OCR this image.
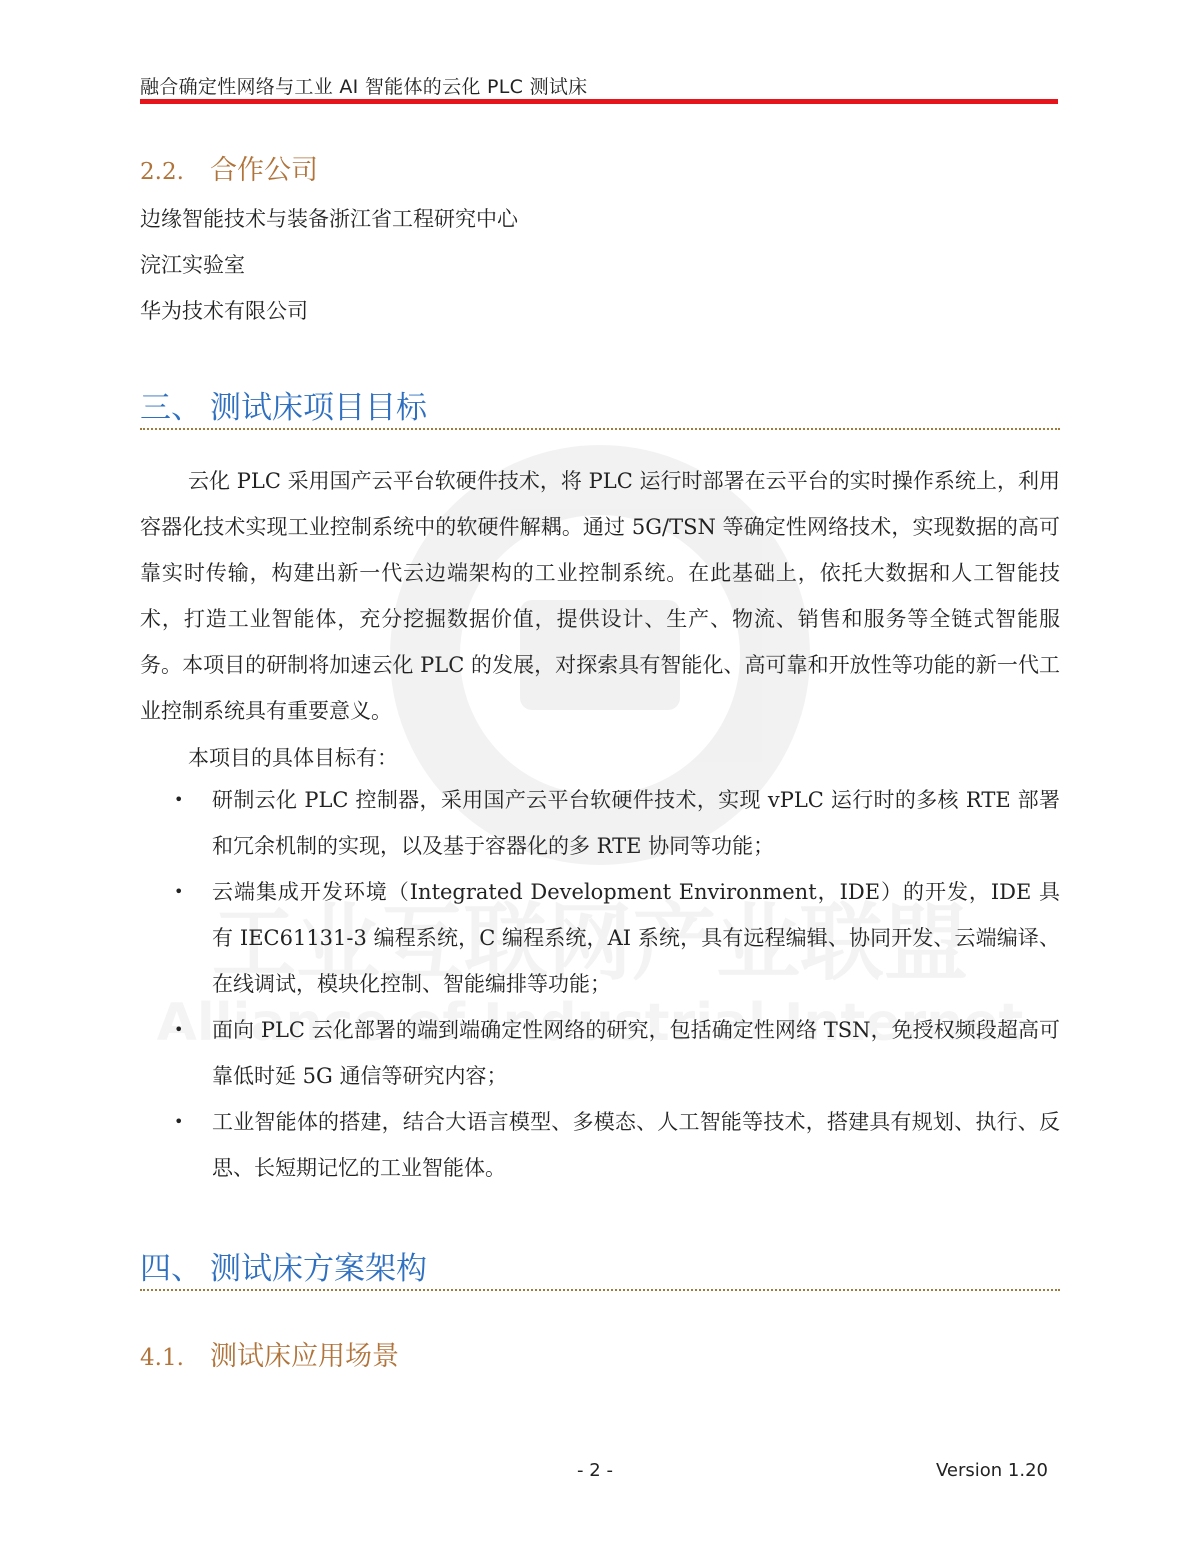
融合确定性网络与工业 AI 智能体的云化 PLC 测试床
2.2. 合作公司
边缘智能技术与装备浙江省工程研究中心
浣江实验室
华为技术有限公司
三、 测试床项目目标

云化 PLC 采用国产云平台软硬件技术，将 PLC 运行时部署在云平台的实时操作系统上，利用容器化技术实现工业控制系统中的软硬件解耦。通过 5G/TSN 等确定性网络技术，实现数据的高可靠实时传输，构建出新一代云边端架构的工业控制系统。在此基础上，依托大数据和人工智能技术，打造工业智能体，充分挖掘数据价值，提供设计、生产、物流、销售和服务等全链式智能服务。本项目的研制将加速云化 PLC 的发展，对探索具有智能化、高可靠和开放性等功能的新一代工业控制系统具有重要意义。

本项目的具体目标有：
• 研制云化 PLC 控制器，采用国产云平台软硬件技术，实现 vPLC 运行时的多核 RTE 部署和冗余机制的实现，以及基于容器化的多 RTE 协同等功能；
• 云端集成开发环境（Integrated Development Environment，IDE）的开发，IDE 具有 IEC61131-3 编程系统，C 编程系统，AI 系统，具有远程编辑、协同开发、云端编译、在线调试，模块化控制、智能编排等功能；
• 面向 PLC 云化部署的端到端确定性网络的研究，包括确定性网络 TSN，免授权频段超高可靠低时延 5G 通信等研究内容；
• 工业智能体的搭建，结合大语言模型、多模态、人工智能等技术，搭建具有规划、执行、反思、长短期记忆的工业智能体。
四、 测试床方案架构
4.1. 测试床应用场景
- 2 -	Version 1.20
